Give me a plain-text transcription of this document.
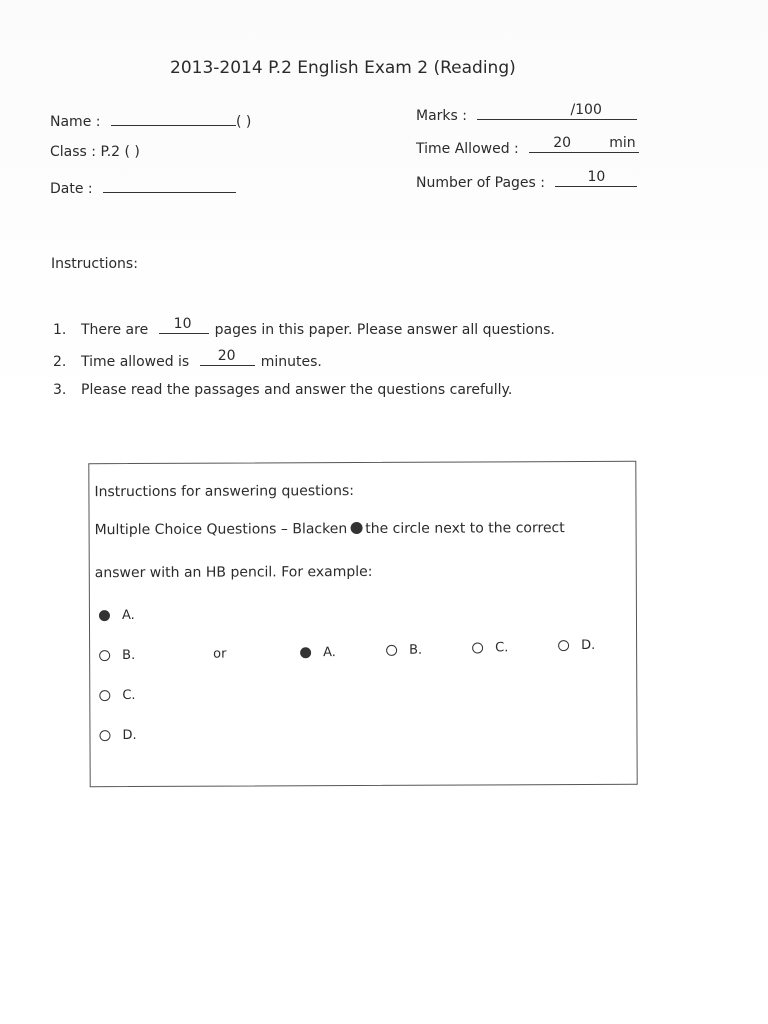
2013-2014 P.2 English Exam 2 (Reading)
Name :	( )
Class : P.2 ( )
Date :
Marks :	/100
Time Allowed : 20	min
Number of Pages :	10
Instructions:
1. There are 10 pages in this paper. Please answer all questions.
2. Time allowed is 20 minutes.
3. Please read the passages and answer the questions carefully.
Instructions for answering questions:
Multiple Choice Questions – Blacken the circle next to the correct
answer with an HB pencil. For example:
A.
B.
C.
D.
or	A.	B.	C.	D.
